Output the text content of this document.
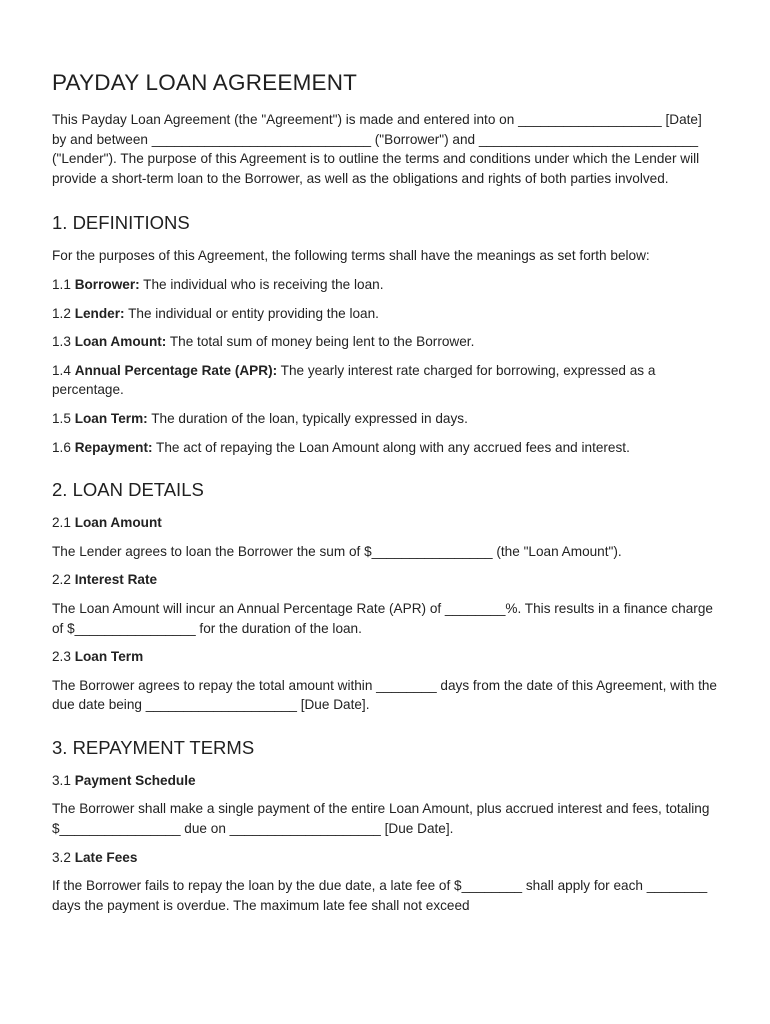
PAYDAY LOAN AGREEMENT

This Payday Loan Agreement (the "Agreement") is made and entered into on ___________________ [Date] by and between _____________________________ ("Borrower") and _____________________________ ("Lender"). The purpose of this Agreement is to outline the terms and conditions under which the Lender will provide a short-term loan to the Borrower, as well as the obligations and rights of both parties involved.

1. DEFINITIONS

For the purposes of this Agreement, the following terms shall have the meanings as set forth below:

1.1 Borrower: The individual who is receiving the loan.

1.2 Lender: The individual or entity providing the loan.

1.3 Loan Amount: The total sum of money being lent to the Borrower.

1.4 Annual Percentage Rate (APR): The yearly interest rate charged for borrowing, expressed as a percentage.

1.5 Loan Term: The duration of the loan, typically expressed in days.

1.6 Repayment: The act of repaying the Loan Amount along with any accrued fees and interest.

2. LOAN DETAILS

2.1 Loan Amount

The Lender agrees to loan the Borrower the sum of $________________ (the "Loan Amount").

2.2 Interest Rate

The Loan Amount will incur an Annual Percentage Rate (APR) of ________%. This results in a finance charge of $________________ for the duration of the loan.

2.3 Loan Term

The Borrower agrees to repay the total amount within ________ days from the date of this Agreement, with the due date being ____________________ [Due Date].

3. REPAYMENT TERMS

3.1 Payment Schedule

The Borrower shall make a single payment of the entire Loan Amount, plus accrued interest and fees, totaling $________________ due on ____________________ [Due Date].

3.2 Late Fees

If the Borrower fails to repay the loan by the due date, a late fee of $________ shall apply for each ________ days the payment is overdue. The maximum late fee shall not exceed
